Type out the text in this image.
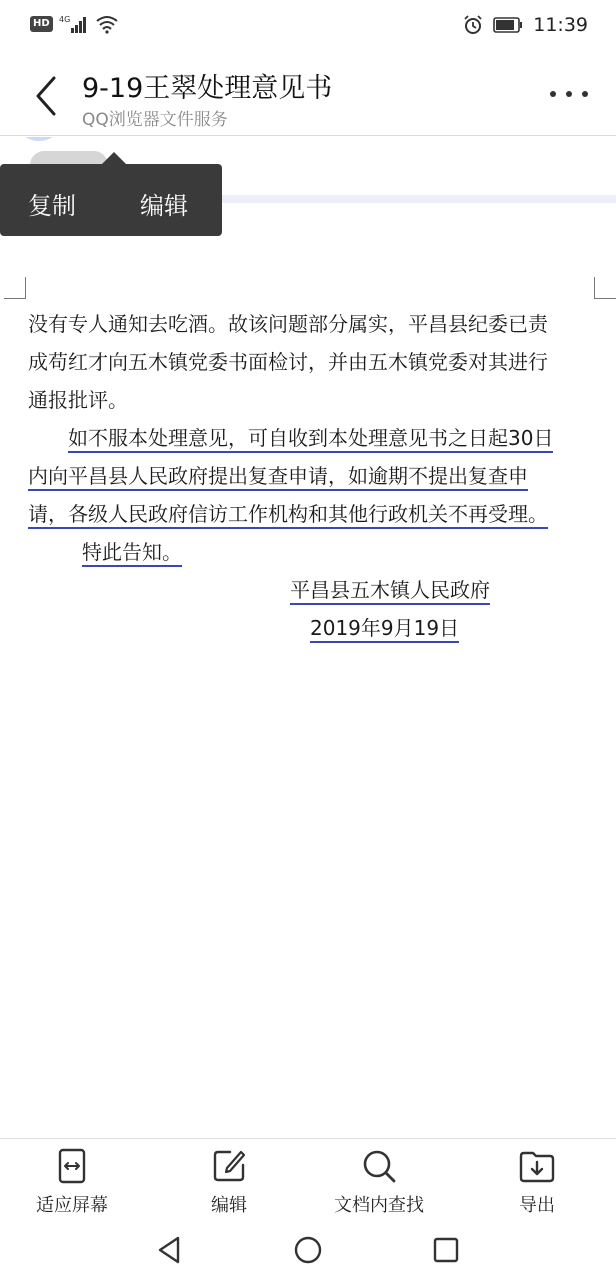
HD	4G	11:39
9-19王翠处理意见书
QQ浏览器文件服务
没有专人通知去吃酒。故该问题部分属实，平昌县纪委已责
成苟红才向五木镇党委书面检讨，并由五木镇党委对其进行
通报批评。
如不服本处理意见，可自收到本处理意见书之日起30日
内向平昌县人民政府提出复查申请，如逾期不提出复查申
请，各级人民政府信访工作机构和其他行政机关不再受理。
特此告知。
平昌县五木镇人民政府
2019年9月19日
复制	编辑
适应屏幕	编辑	文档内查找	导出
